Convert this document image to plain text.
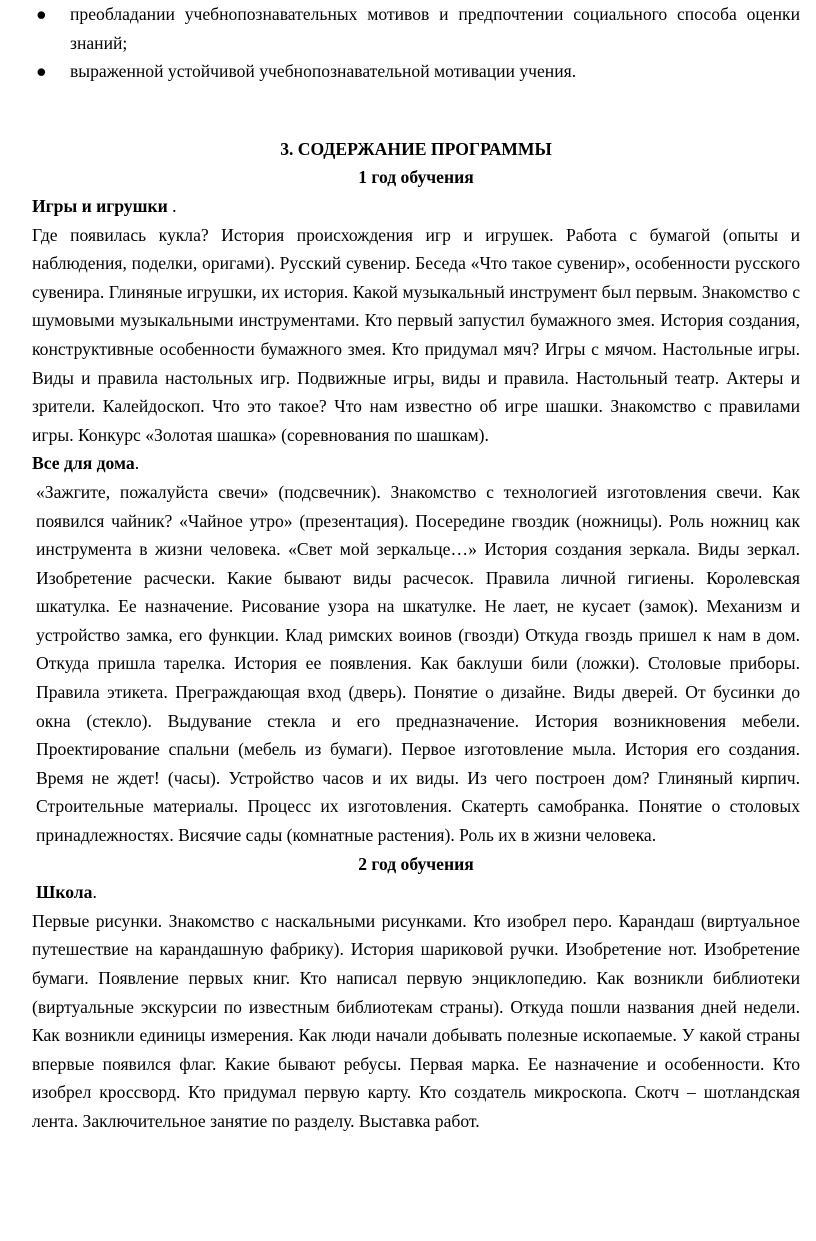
● преобладании учебнопознавательных мотивов и предпочтении социального способа оценки знаний;
● выраженной устойчивой учебнопознавательной мотивации учения.
3. СОДЕРЖАНИЕ ПРОГРАММЫ
1 год обучения

Игры и игрушки .

Где появилась кукла? История происхождения игр и игрушек. Работа с бумагой (опыты и наблюдения, поделки, оригами). Русский сувенир. Беседа «Что такое сувенир», особенности русского сувенира. Глиняные игрушки, их история. Какой музыкальный инструмент был первым. Знакомство с шумовыми музыкальными инструментами. Кто первый запустил бумажного змея. История создания, конструктивные особенности бумажного змея. Кто придумал мяч? Игры с мячом. Настольные игры. Виды и правила настольных игр. Подвижные игры, виды и правила. Настольный театр. Актеры и зрители. Калейдоскоп. Что это такое? Что нам известно об игре шашки. Знакомство с правилами игры. Конкурс «Золотая шашка» (соревнования по шашкам).

Все для дома.

«Зажгите, пожалуйста свечи» (подсвечник). Знакомство с технологией изготовления свечи. Как появился чайник? «Чайное утро» (презентация). Посередине гвоздик (ножницы). Роль ножниц как инструмента в жизни человека. «Свет мой зеркальце…» История создания зеркала. Виды зеркал. Изобретение расчески. Какие бывают виды расчесок. Правила личной гигиены. Королевская шкатулка. Ее назначение. Рисование узора на шкатулке. Не лает, не кусает (замок). Механизм и устройство замка, его функции. Клад римских воинов (гвозди) Откуда гвоздь пришел к нам в дом. Откуда пришла тарелка. История ее появления. Как баклуши били (ложки). Столовые приборы. Правила этикета. Преграждающая вход (дверь). Понятие о дизайне. Виды дверей. От бусинки до окна (стекло). Выдувание стекла и его предназначение. История возникновения мебели. Проектирование спальни (мебель из бумаги). Первое изготовление мыла. История его создания. Время не ждет! (часы). Устройство часов и их виды. Из чего построен дом? Глиняный кирпич. Строительные материалы. Процесс их изготовления. Скатерть самобранка. Понятие о столовых принадлежностях. Висячие сады (комнатные растения). Роль их в жизни человека.

2 год обучения

Школа.

Первые рисунки. Знакомство с наскальными рисунками. Кто изобрел перо. Карандаш (виртуальное путешествие на карандашную фабрику). История шариковой ручки. Изобретение нот. Изобретение бумаги. Появление первых книг. Кто написал первую энциклопедию. Как возникли библиотеки (виртуальные экскурсии по известным библиотекам страны). Откуда пошли названия дней недели. Как возникли единицы измерения. Как люди начали добывать полезные ископаемые. У какой страны впервые появился флаг. Какие бывают ребусы. Первая марка. Ее назначение и особенности. Кто изобрел кроссворд. Кто придумал первую карту. Кто создатель микроскопа. Скотч – шотландская лента. Заключительное занятие по разделу. Выставка работ.
